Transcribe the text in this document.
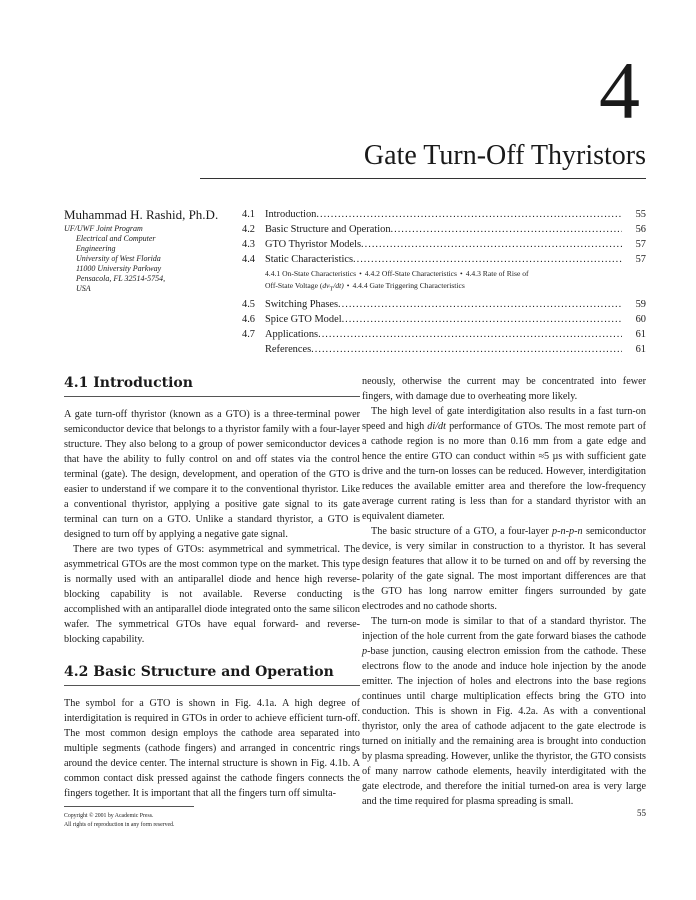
4
Gate Turn-Off Thyristors
Muhammad H. Rashid, Ph.D.
UF/UWF Joint Program
Electrical and Computer
Engineering
University of West Florida
11000 University Parkway
Pensacola, FL 32514-5754,
USA
4.1 Introduction .....	55
4.2 Basic Structure and Operation .....	56
4.3 GTO Thyristor Models .....	57
4.4 Static Characteristics .....	57
4.4.1 On-State Characteristics • 4.4.2 Off-State Characteristics • 4.4.3 Rate of Rise of
Off-State Voltage $(dv_T/dt)$ • 4.4.4 Gate Triggering Characteristics
4.5 Switching Phases .....	59
4.6 Spice GTO Model .....	60
4.7 Applications .....	61
References .....	61
4.1 Introduction

A gate turn-off thyristor (known as a GTO) is a three-terminal power semiconductor device that belongs to a thyristor family with a four-layer structure. They also belong to a group of power semiconductor devices that have the ability to fully control on and off states via the control terminal (gate). The design, development, and operation of the GTO is easier to understand if we compare it to the conventional thyristor. Like a conventional thyristor, applying a positive gate signal to its gate terminal can turn on a GTO. Unlike a standard thyristor, a GTO is designed to turn off by applying a negative gate signal.

There are two types of GTOs: asymmetrical and symmetrical. The asymmetrical GTOs are the most common type on the market. This type is normally used with an antiparallel diode and hence high reverse-blocking capability is not available. Reverse conducting is accomplished with an antiparallel diode integrated onto the same silicon wafer. The symmetrical GTOs have equal forward- and reverse-blocking capability.

4.2 Basic Structure and Operation

The symbol for a GTO is shown in Fig. 4.1a. A high degree of interdigitation is required in GTOs in order to achieve efficient turn-off. The most common design employs the cathode area separated into multiple segments (cathode fingers) and arranged in concentric rings around the device center. The internal structure is shown in Fig. 4.1b. A common contact disk pressed against the cathode fingers connects the fingers together. It is important that all the fingers turn off simulta-

neously, otherwise the current may be concentrated into fewer fingers, with damage due to overheating more likely.

The high level of gate interdigitation also results in a fast turn-on speed and high di/dt performance of GTOs. The most remote part of a cathode region is no more than 0.16 mm from a gate edge and hence the entire GTO can conduct within ≈5 µs with sufficient gate drive and the turn-on losses can be reduced. However, interdigitation reduces the available emitter area and therefore the low-frequency average current rating is less than for a standard thyristor with an equivalent diameter.

The basic structure of a GTO, a four-layer p-n-p-n semiconductor device, is very similar in construction to a thyristor. It has several design features that allow it to be turned on and off by reversing the polarity of the gate signal. The most important differences are that the GTO has long narrow emitter fingers surrounded by gate electrodes and no cathode shorts.

The turn-on mode is similar to that of a standard thyristor. The injection of the hole current from the gate forward biases the cathode p-base junction, causing electron emission from the cathode. These electrons flow to the anode and induce hole injection by the anode emitter. The injection of holes and electrons into the base regions continues until charge multiplication effects bring the GTO into conduction. This is shown in Fig. 4.2a. As with a conventional thyristor, only the area of cathode adjacent to the gate electrode is turned on initially and the remaining area is brought into conduction by plasma spreading. However, unlike the thyristor, the GTO consists of many narrow cathode elements, heavily interdigitated with the gate electrode, and therefore the initial turned-on area is very large and the time required for plasma spreading is small.

Copyright © 2001 by Academic Press.
All rights of reproduction in any form reserved.
55
